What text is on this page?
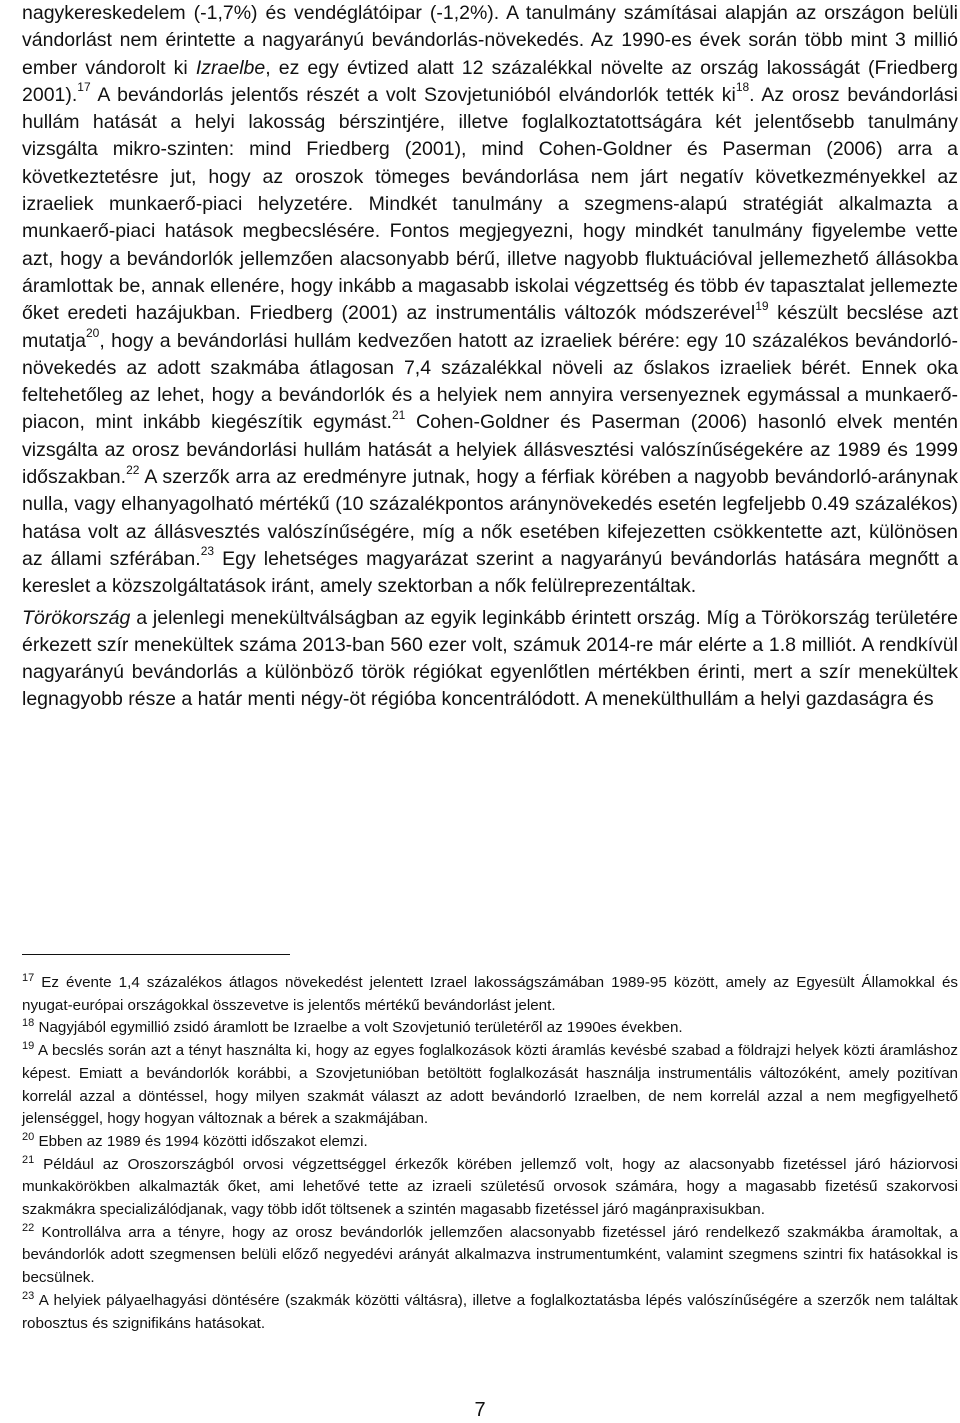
nagykereskedelem (-1,7%) és vendéglátóipar (-1,2%). A tanulmány számításai alapján az országon belüli vándorlást nem érintette a nagyarányú bevándorlás-növekedés. Az 1990-es évek során több mint 3 millió ember vándorolt ki Izraelbe, ez egy évtized alatt 12 százalékkal növelte az ország lakosságát (Friedberg 2001).$^{17}$ A bevándorlás jelentős részét a volt Szovjetunióból elvándorlók tették ki$^{18}$. Az orosz bevándorlási hullám hatását a helyi lakosság bérszintjére, illetve foglalkoztatottságára két jelentősebb tanulmány vizsgálta mikro-szinten: mind Friedberg (2001), mind Cohen-Goldner és Paserman (2006) arra a következtetésre jut, hogy az oroszok tömeges bevándorlása nem járt negatív következményekkel az izraeliek munkaerő-piaci helyzetére. Mindkét tanulmány a szegmens-alapú stratégiát alkalmazta a munkaerő-piaci hatások megbecslésére. Fontos megjegyezni, hogy mindkét tanulmány figyelembe vette azt, hogy a bevándorlók jellemzően alacsonyabb bérű, illetve nagyobb fluktuációval jellemezhető állásokba áramlottak be, annak ellenére, hogy inkább a magasabb iskolai végzettség és több év tapasztalat jellemezte őket eredeti hazájukban. Friedberg (2001) az instrumentális változók módszerével$^{19}$ készült becslése azt mutatja$^{20}$, hogy a bevándorlási hullám kedvezően hatott az izraeliek bérére: egy 10 százalékos bevándorló-növekedés az adott szakmába átlagosan 7,4 százalékkal növeli az őslakos izraeliek bérét. Ennek oka feltehetőleg az lehet, hogy a bevándorlók és a helyiek nem annyira versenyeznek egymással a munkaerő-piacon, mint inkább kiegészítik egymást.$^{21}$ Cohen-Goldner és Paserman (2006) hasonló elvek mentén vizsgálta az orosz bevándorlási hullám hatását a helyiek állásvesztési valószínűségekére az 1989 és 1999 időszakban.$^{22}$ A szerzők arra az eredményre jutnak, hogy a férfiak körében a nagyobb bevándorló-aránynak nulla, vagy elhanyagolható mértékű (10 százalékpontos aránynövekedés esetén legfeljebb 0.49 százalékos) hatása volt az állásvesztés valószínűségére, míg a nők esetében kifejezetten csökkentette azt, különösen az állami szférában.$^{23}$ Egy lehetséges magyarázat szerint a nagyarányú bevándorlás hatására megnőtt a kereslet a közszolgáltatások iránt, amely szektorban a nők felülreprezentáltak.

Törökország a jelenlegi menekültválságban az egyik leginkább érintett ország. Míg a Törökország területére érkezett szír menekültek száma 2013-ban 560 ezer volt, számuk 2014-re már elérte a 1.8 milliót. A rendkívül nagyarányú bevándorlás a különböző török régiókat egyenlőtlen mértékben érinti, mert a szír menekültek legnagyobb része a határ menti négy-öt régióba koncentrálódott. A menekülthullám a helyi gazdaságra és

$^{17}$ Ez évente 1,4 százalékos átlagos növekedést jelentett Izrael lakosságszámában 1989-95 között, amely az Egyesült Államokkal és nyugat-európai országokkal összevetve is jelentős mértékű bevándorlást jelent.

$^{18}$ Nagyjából egymillió zsidó áramlott be Izraelbe a volt Szovjetunió területéről az 1990es években.

$^{19}$ A becslés során azt a tényt használta ki, hogy az egyes foglalkozások közti áramlás kevésbé szabad a földrajzi helyek közti áramláshoz képest. Emiatt a bevándorlók korábbi, a Szovjetunióban betöltött foglalkozását használja instrumentális változóként, amely pozitívan korrelál azzal a döntéssel, hogy milyen szakmát választ az adott bevándorló Izraelben, de nem korrelál azzal a nem megfigyelhető jelenséggel, hogy hogyan változnak a bérek a szakmájában.

$^{20}$ Ebben az 1989 és 1994 közötti időszakot elemzi.

$^{21}$ Például az Oroszországból orvosi végzettséggel érkezők körében jellemző volt, hogy az alacsonyabb fizetéssel járó háziorvosi munkakörökben alkalmazták őket, ami lehetővé tette az izraeli születésű orvosok számára, hogy a magasabb fizetésű szakorvosi szakmákra specializálódjanak, vagy több időt töltsenek a szintén magasabb fizetéssel járó magánpraxisukban.

$^{22}$ Kontrollálva arra a tényre, hogy az orosz bevándorlók jellemzően alacsonyabb fizetéssel járó rendelkező szakmákba áramoltak, a bevándorlók adott szegmensen belüli előző negyedévi arányát alkalmazva instrumentumként, valamint szegmens szintri fix hatásokkal is becsülnek.

$^{23}$ A helyiek pályaelhagyási döntésére (szakmák közötti váltásra), illetve a foglalkoztatásba lépés valószínűségére a szerzők nem találtak robosztus és szignifikáns hatásokat.

7
